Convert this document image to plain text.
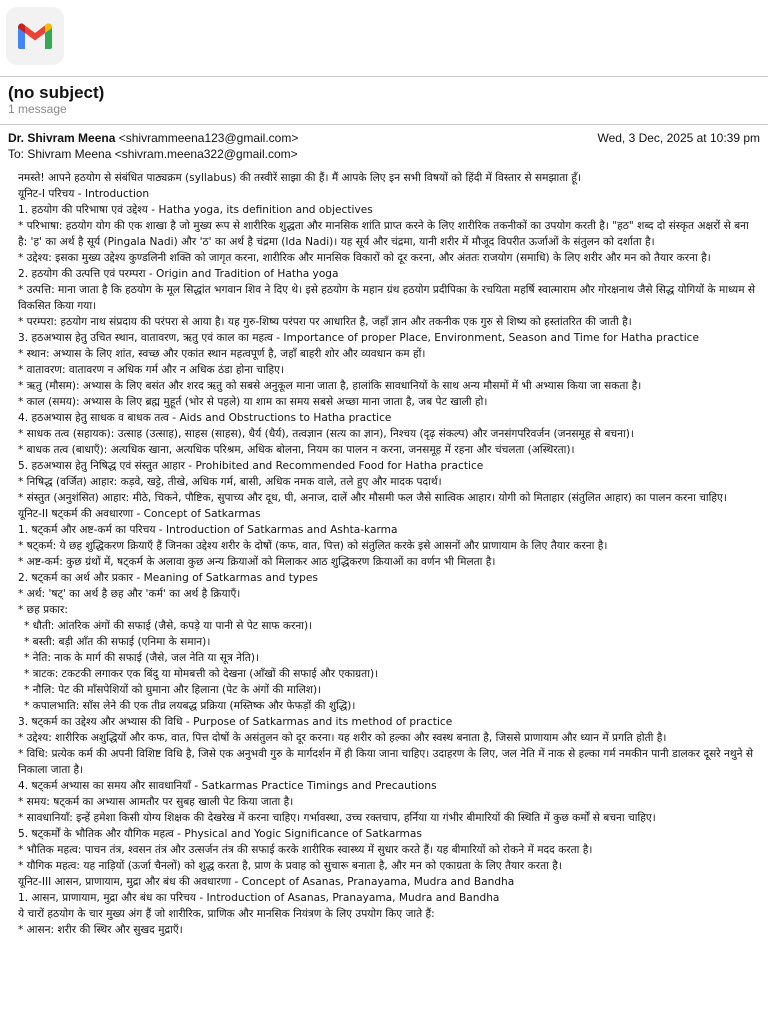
(no subject)
1 message
Dr. Shivram Meena <shivrammeena123@gmail.com>	Wed, 3 Dec, 2025 at 10:39 pm
To: Shivram Meena <shivram.meena322@gmail.com>

नमस्ते! आपने हठयोग से संबंधित पाठ्यक्रम (syllabus) की तस्वीरें साझा की हैं। मैं आपके लिए इन सभी विषयों को हिंदी में विस्तार से समझाता हूँ।

यूनिट-I परिचय - Introduction

1. हठयोग की परिभाषा एवं उद्देश्य - Hatha yoga, its definition and objectives

* परिभाषा: हठयोग योग की एक शाखा है जो मुख्य रूप से शारीरिक शुद्धता और मानसिक शांति प्राप्त करने के लिए शारीरिक तकनीकों का उपयोग करती है। "हठ" शब्द दो संस्कृत अक्षरों से बना है: 'ह' का अर्थ है सूर्य (Pingala Nadi) और 'ठ' का अर्थ है चंद्रमा (Ida Nadi)। यह सूर्य और चंद्रमा, यानी शरीर में मौजूद विपरीत ऊर्जाओं के संतुलन को दर्शाता है।

* उद्देश्य: इसका मुख्य उद्देश्य कुण्डलिनी शक्ति को जागृत करना, शारीरिक और मानसिक विकारों को दूर करना, और अंततः राजयोग (समाधि) के लिए शरीर और मन को तैयार करना है।

2. हठयोग की उत्पत्ति एवं परम्परा - Origin and Tradition of Hatha yoga

* उत्पत्ति: माना जाता है कि हठयोग के मूल सिद्धांत भगवान शिव ने दिए थे। इसे हठयोग के महान ग्रंथ हठयोग प्रदीपिका के रचयिता महर्षि स्वात्माराम और गोरक्षनाथ जैसे सिद्ध योगियों के माध्यम से विकसित किया गया।

* परम्परा: हठयोग नाथ संप्रदाय की परंपरा से आया है। यह गुरु-शिष्य परंपरा पर आधारित है, जहाँ ज्ञान और तकनीक एक गुरु से शिष्य को हस्तांतरित की जाती है।

3. हठअभ्यास हेतु उचित स्थान, वातावरण, ऋतु एवं काल का महत्व - Importance of proper Place, Environment, Season and Time for Hatha practice

* स्थान: अभ्यास के लिए शांत, स्वच्छ और एकांत स्थान महत्वपूर्ण है, जहाँ बाहरी शोर और व्यवधान कम हों।

* वातावरण: वातावरण न अधिक गर्म और न अधिक ठंडा होना चाहिए।

* ऋतु (मौसम): अभ्यास के लिए बसंत और शरद ऋतु को सबसे अनुकूल माना जाता है, हालांकि सावधानियों के साथ अन्य मौसमों में भी अभ्यास किया जा सकता है।

* काल (समय): अभ्यास के लिए ब्रह्म मुहूर्त (भोर से पहले) या शाम का समय सबसे अच्छा माना जाता है, जब पेट खाली हो।

4. हठअभ्यास हेतु साधक व बाधक तत्व - Aids and Obstructions to Hatha practice

* साधक तत्व (सहायक): उत्साह (उत्साह), साहस (साहस), धैर्य (धैर्य), तत्वज्ञान (सत्य का ज्ञान), निश्चय (दृढ़ संकल्प) और जनसंगपरिवर्जन (जनसमूह से बचना)।

* बाधक तत्व (बाधाएँ): अत्यधिक खाना, अत्यधिक परिश्रम, अधिक बोलना, नियम का पालन न करना, जनसमूह में रहना और चंचलता (अस्थिरता)।

5. हठअभ्यास हेतु निषिद्ध एवं संस्तुत आहार - Prohibited and Recommended Food for Hatha practice

* निषिद्ध (वर्जित) आहार: कड़वे, खट्टे, तीखे, अधिक गर्म, बासी, अधिक नमक वाले, तले हुए और मादक पदार्थ।

* संस्तुत (अनुशंसित) आहार: मीठे, चिकने, पौष्टिक, सुपाच्य और दूध, घी, अनाज, दालें और मौसमी फल जैसे सात्विक आहार। योगी को मिताहार (संतुलित आहार) का पालन करना चाहिए।

यूनिट-II षट्कर्म की अवधारणा - Concept of Satkarmas

1. षट्कर्म और अष्ट-कर्म का परिचय - Introduction of Satkarmas and Ashta-karma

* षट्कर्म: ये छह शुद्धिकरण क्रियाएँ हैं जिनका उद्देश्य शरीर के दोषों (कफ, वात, पित्त) को संतुलित करके इसे आसनों और प्राणायाम के लिए तैयार करना है।

* अष्ट-कर्म: कुछ ग्रंथों में, षट्कर्म के अलावा कुछ अन्य क्रियाओं को मिलाकर आठ शुद्धिकरण क्रियाओं का वर्णन भी मिलता है।

2. षट्कर्म का अर्थ और प्रकार - Meaning of Satkarmas and types

* अर्थ: 'षट्' का अर्थ है छह और 'कर्म' का अर्थ है क्रियाएँ।

* छह प्रकार:

* धौती: आंतरिक अंगों की सफाई (जैसे, कपड़े या पानी से पेट साफ करना)।

* बस्ती: बड़ी आँत की सफाई (एनिमा के समान)।

* नेति: नाक के मार्ग की सफाई (जैसे, जल नेति या सूत्र नेति)।

* त्राटक: टकटकी लगाकर एक बिंदु या मोमबत्ती को देखना (आँखों की सफाई और एकाग्रता)।

* नौलि: पेट की माँसपेशियों को घुमाना और हिलाना (पेट के अंगों की मालिश)।

* कपालभाति: साँस लेने की एक तीव्र लयबद्ध प्रक्रिया (मस्तिष्क और फेफड़ों की शुद्धि)।

3. षट्कर्म का उद्देश्य और अभ्यास की विधि - Purpose of Satkarmas and its method of practice

* उद्देश्य: शारीरिक अशुद्धियों और कफ, वात, पित्त दोषों के असंतुलन को दूर करना। यह शरीर को हल्का और स्वस्थ बनाता है, जिससे प्राणायाम और ध्यान में प्रगति होती है।

* विधि: प्रत्येक कर्म की अपनी विशिष्ट विधि है, जिसे एक अनुभवी गुरु के मार्गदर्शन में ही किया जाना चाहिए। उदाहरण के लिए, जल नेति में नाक से हल्का गर्म नमकीन पानी डालकर दूसरे नथुने से निकाला जाता है।

4. षट्कर्म अभ्यास का समय और सावधानियाँ - Satkarmas Practice Timings and Precautions

* समय: षट्कर्म का अभ्यास आमतौर पर सुबह खाली पेट किया जाता है।

* सावधानियाँ: इन्हें हमेशा किसी योग्य शिक्षक की देखरेख में करना चाहिए। गर्भावस्था, उच्च रक्तचाप, हर्निया या गंभीर बीमारियों की स्थिति में कुछ कर्मों से बचना चाहिए।

5. षट्कर्मों के भौतिक और यौगिक महत्व - Physical and Yogic Significance of Satkarmas

* भौतिक महत्व: पाचन तंत्र, श्वसन तंत्र और उत्सर्जन तंत्र की सफाई करके शारीरिक स्वास्थ्य में सुधार करते हैं। यह बीमारियों को रोकने में मदद करता है।

* यौगिक महत्व: यह नाड़ियों (ऊर्जा चैनलों) को शुद्ध करता है, प्राण के प्रवाह को सुचारू बनाता है, और मन को एकाग्रता के लिए तैयार करता है।

यूनिट-III आसन, प्राणायाम, मुद्रा और बंध की अवधारणा - Concept of Asanas, Pranayama, Mudra and Bandha

1. आसन, प्राणायाम, मुद्रा और बंध का परिचय - Introduction of Asanas, Pranayama, Mudra and Bandha

ये चारों हठयोग के चार मुख्य अंग हैं जो शारीरिक, प्राणिक और मानसिक नियंत्रण के लिए उपयोग किए जाते हैं:

* आसन: शरीर की स्थिर और सुखद मुद्राएँ।
